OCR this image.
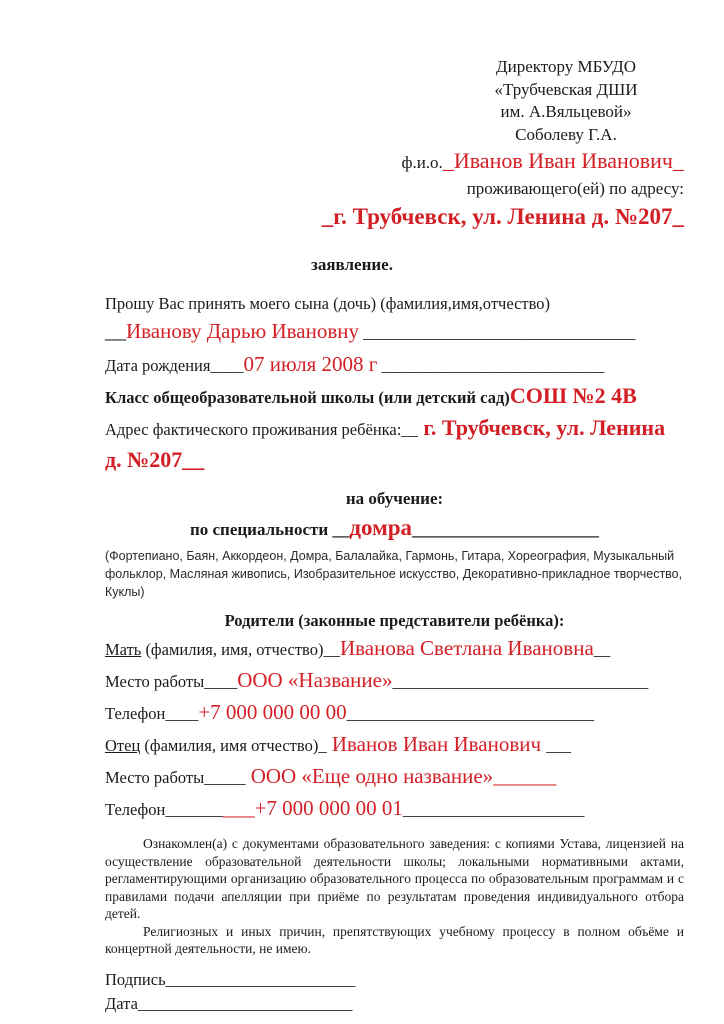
Директору МБУДО
«Трубчевская ДШИ
им. А.Вяльцевой»
Соболеву Г.А.
ф.и.о._Иванов Иван Иванович_
проживающего(ей) по адресу:
_г. Трубчевск, ул. Ленина д. №207_
заявление.
Прошу Вас принять моего сына (дочь) (фамилия,имя,отчество)
__Иванову Дарью Ивановну _________________________________
Дата рождения____07 июля 2008 г ___________________________
Класс общеобразовательной школы (или детский сад)СОШ №2 4В
Адрес фактического проживания ребёнка:__ г. Трубчевск, ул. Ленина д. №207__
на обучение:
по специальности __домра______________________
(Фортепиано, Баян, Аккордеон, Домра, Балалайка, Гармонь, Гитара, Хореография, Музыкальный фольклор, Масляная живопись, Изобразительное искусство, Декоративно-прикладное творчество, Куклы)
Родители (законные представители ребёнка):
Мать (фамилия, имя, отчество)__Иванова Светлана Ивановна__
Место работы____ООО «Название»_______________________________
Телефон____+7 000 000 00 00______________________________
Отец (фамилия, имя отчество)_ Иванов Иван Иванович ___
Место работы_____ ООО «Еще одно название»______
Телефон__________+7 000 000 00 01______________________

Ознакомлен(а) с документами образовательного заведения: с копиями Устава, лицензией на осуществление образовательной деятельности школы; локальными нормативными актами, регламентирующими организацию образовательного процесса по образовательным программам и с правилами подачи апелляции при приёме по результатам проведения индивидуального отбора детей.

Религиозных и иных причин, препятствующих учебному процессу в полном объёме и концертной деятельности, не имею.

Подпись_______________________
Дата__________________________
